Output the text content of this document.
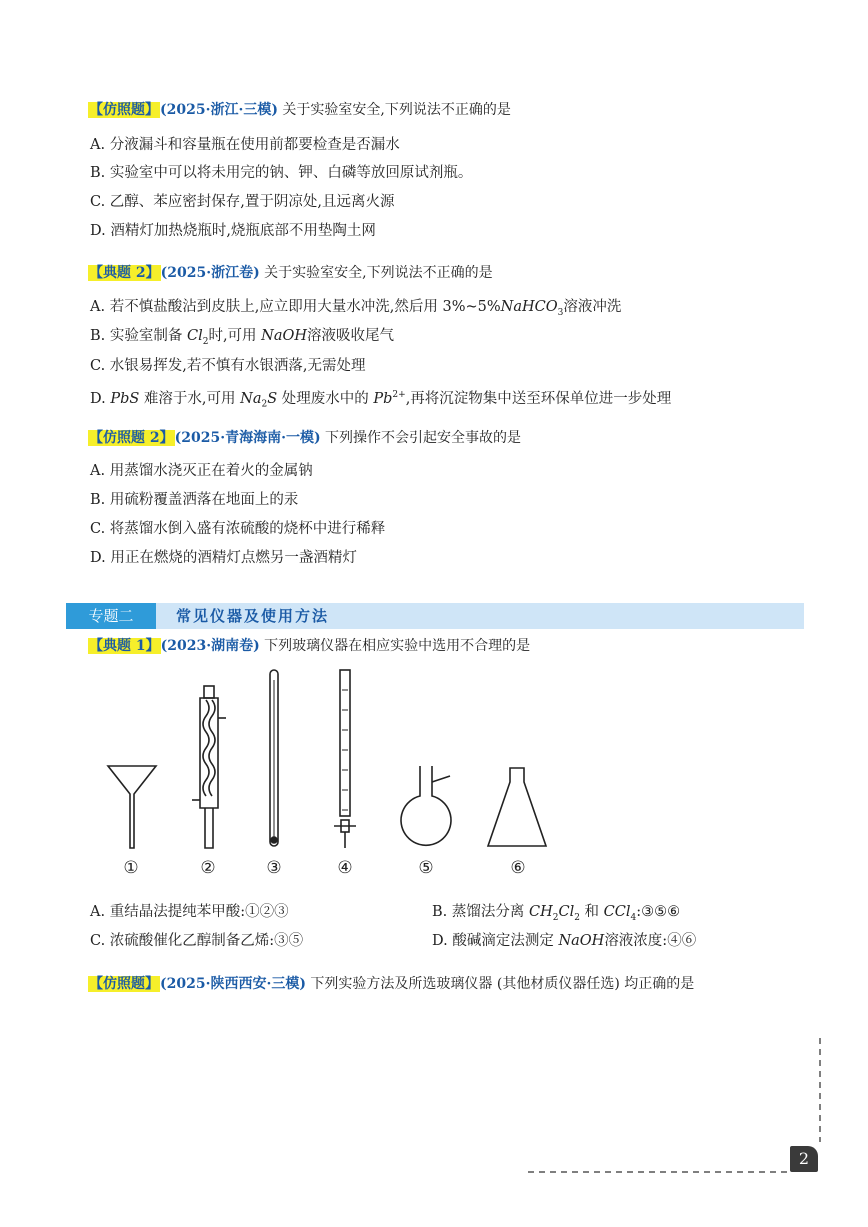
【仿照题】(2025·浙江·三模) 关于实验室安全,下列说法不正确的是
A. 分液漏斗和容量瓶在使用前都要检查是否漏水
B. 实验室中可以将未用完的钠、钾、白磷等放回原试剂瓶。
C. 乙醇、苯应密封保存,置于阴凉处,且远离火源
D. 酒精灯加热烧瓶时,烧瓶底部不用垫陶土网
【典题 2】(2025·浙江卷) 关于实验室安全,下列说法不正确的是
A. 若不慎盐酸沾到皮肤上,应立即用大量水冲洗,然后用 3%~5%NaHCO$_3$溶液冲洗
B. 实验室制备 $Cl_2$时,可用 NaOH溶液吸收尾气
C. 水银易挥发,若不慎有水银洒落,无需处理
D. PbS 难溶于水,可用 $Na_2S$ 处理废水中的 $Pb^{2+}$,再将沉淀物集中送至环保单位进一步处理
【仿照题 2】(2025·青海海南·一模) 下列操作不会引起安全事故的是
A. 用蒸馏水浇灭正在着火的金属钠
B. 用硫粉覆盖洒落在地面上的汞
C. 将蒸馏水倒入盛有浓硫酸的烧杯中进行稀释
D. 用正在燃烧的酒精灯点燃另一盏酒精灯
专题二	常见仪器及使用方法
【典题 1】(2023·湖南卷) 下列玻璃仪器在相应实验中选用不合理的是
①	②	③	④	⑤	⑥
A. 重结晶法提纯苯甲酸:①②③	B. 蒸馏法分离 $CH_2Cl_2$ 和 CCl$_4$:③⑤⑥
C. 浓硫酸催化乙醇制备乙烯:③⑤	D. 酸碱滴定法测定 NaOH溶液浓度:④⑥
【仿照题】(2025·陕西西安·三模) 下列实验方法及所选玻璃仪器 (其他材质仪器任选) 均正确的是
2
